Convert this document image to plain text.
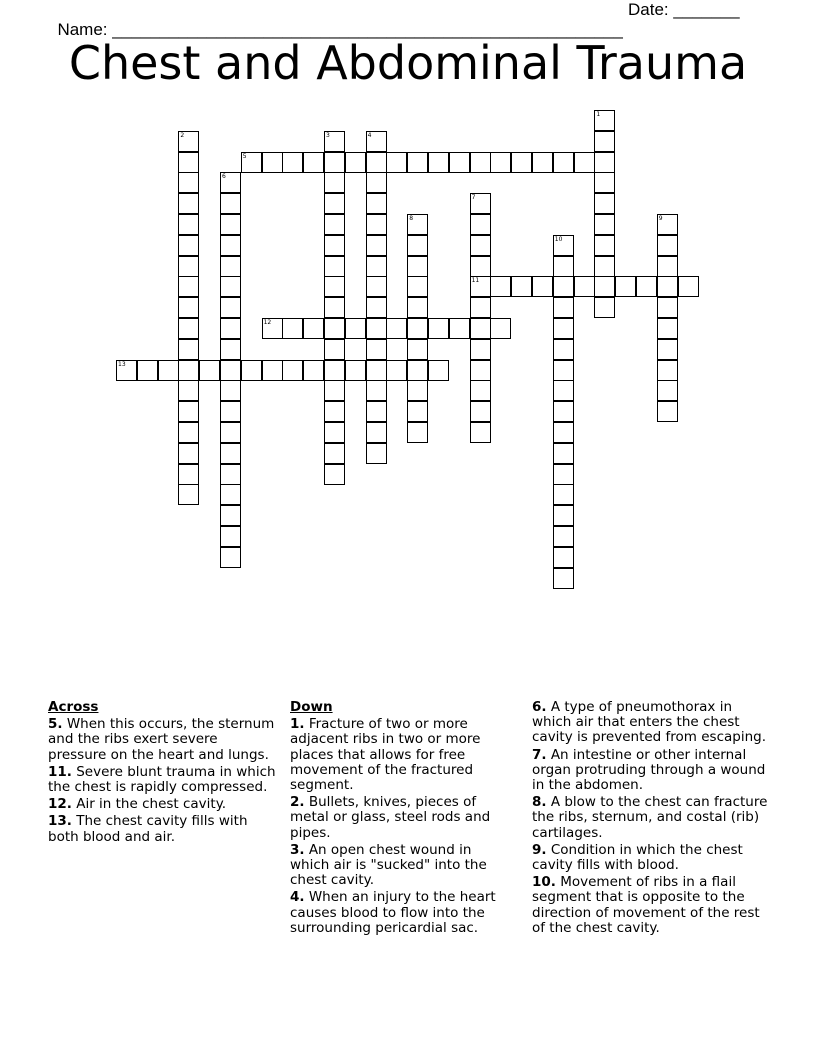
Name: ______________________________________________________

Date: _______

Chest and Abdominal Trauma
1
2	3	4
5
6
7
11
8	9
10
12
13
Across
5. When this occurs, the sternum and the ribs exert severe pressure on the heart and lungs.
11. Severe blunt trauma in which the chest is rapidly compressed.
12. Air in the chest cavity.
13. The chest cavity fills with both blood and air.
Down
1. Fracture of two or more adjacent ribs in two or more places that allows for free movement of the fractured segment.
2. Bullets, knives, pieces of metal or glass, steel rods and pipes.
3. An open chest wound in which air is "sucked" into the chest cavity.
4. When an injury to the heart causes blood to flow into the surrounding pericardial sac.
6. A type of pneumothorax in which air that enters the chest cavity is prevented from escaping.
7. An intestine or other internal organ protruding through a wound in the abdomen.
8. A blow to the chest can fracture the ribs, sternum, and costal (rib) cartilages.
9. Condition in which the chest cavity fills with blood.
10. Movement of ribs in a flail segment that is opposite to the direction of movement of the rest of the chest cavity.
